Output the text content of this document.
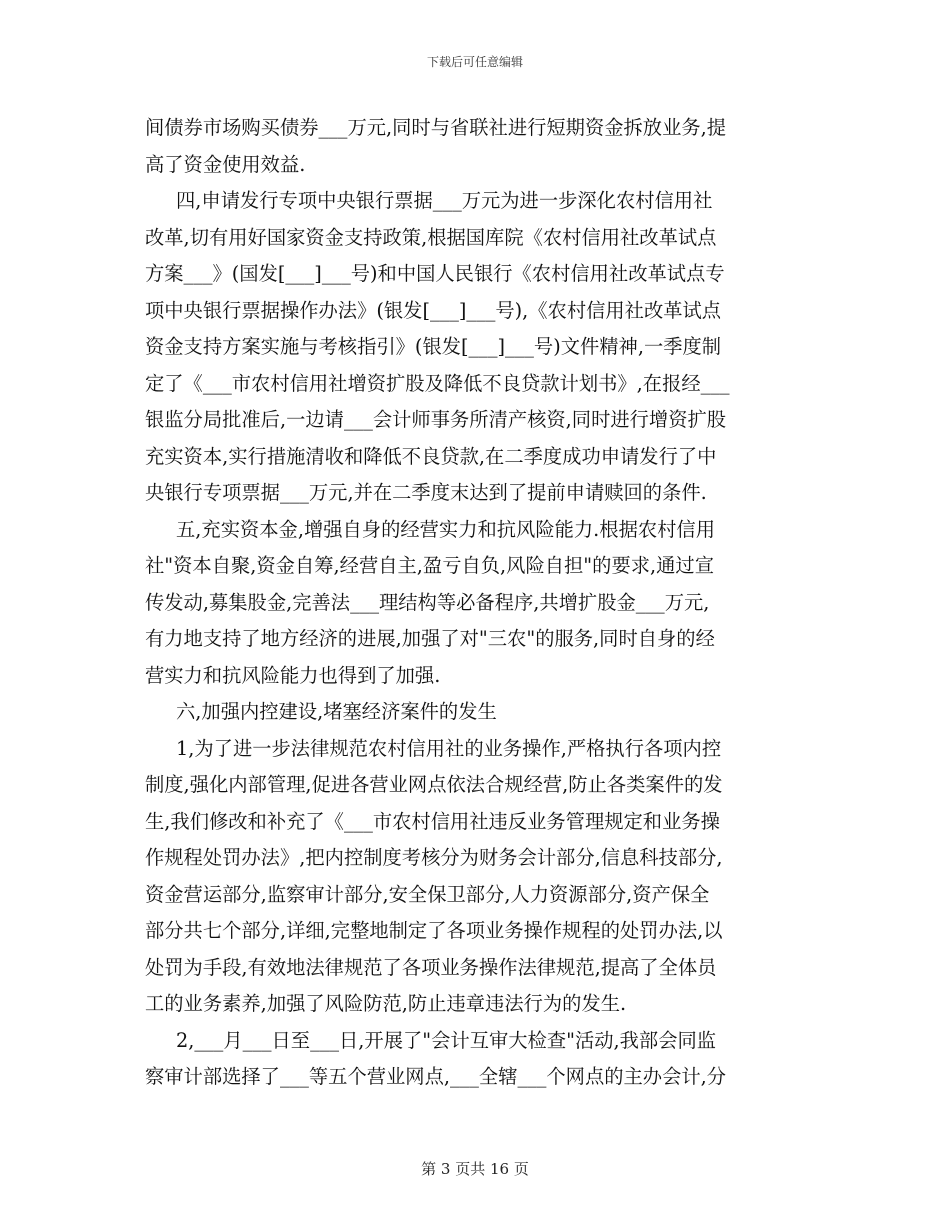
下载后可任意编辑
间债券市场购买债券___万元,同时与省联社进行短期资金拆放业务,提
高了资金使用效益.
四,申请发行专项中央银行票据___万元为进一步深化农村信用社
改革,切有用好国家资金支持政策,根据国库院《农村信用社改革试点
方案___》(国发[___]___号)和中国人民银行《农村信用社改革试点专
项中央银行票据操作办法》(银发[___]___号),《农村信用社改革试点
资金支持方案实施与考核指引》(银发[___]___号)文件精神,一季度制
定了《___市农村信用社增资扩股及降低不良贷款计划书》,在报经___
银监分局批准后,一边请___会计师事务所清产核资,同时进行增资扩股
充实资本,实行措施清收和降低不良贷款,在二季度成功申请发行了中
央银行专项票据___万元,并在二季度末达到了提前申请赎回的条件.
五,充实资本金,增强自身的经营实力和抗风险能力.根据农村信用
社"资本自聚,资金自筹,经营自主,盈亏自负,风险自担"的要求,通过宣
传发动,募集股金,完善法___理结构等必备程序,共增扩股金___万元,
有力地支持了地方经济的进展,加强了对"三农"的服务,同时自身的经
营实力和抗风险能力也得到了加强.
六,加强内控建设,堵塞经济案件的发生
1,为了进一步法律规范农村信用社的业务操作,严格执行各项内控
制度,强化内部管理,促进各营业网点依法合规经营,防止各类案件的发
生,我们修改和补充了《___市农村信用社违反业务管理规定和业务操
作规程处罚办法》,把内控制度考核分为财务会计部分,信息科技部分,
资金营运部分,监察审计部分,安全保卫部分,人力资源部分,资产保全
部分共七个部分,详细,完整地制定了各项业务操作规程的处罚办法,以
处罚为手段,有效地法律规范了各项业务操作法律规范,提高了全体员
工的业务素养,加强了风险防范,防止违章违法行为的发生.
2,___月___日至___日,开展了"会计互审大检查"活动,我部会同监
察审计部选择了___等五个营业网点,___全辖___个网点的主办会计,分
第 3 页共 16 页
